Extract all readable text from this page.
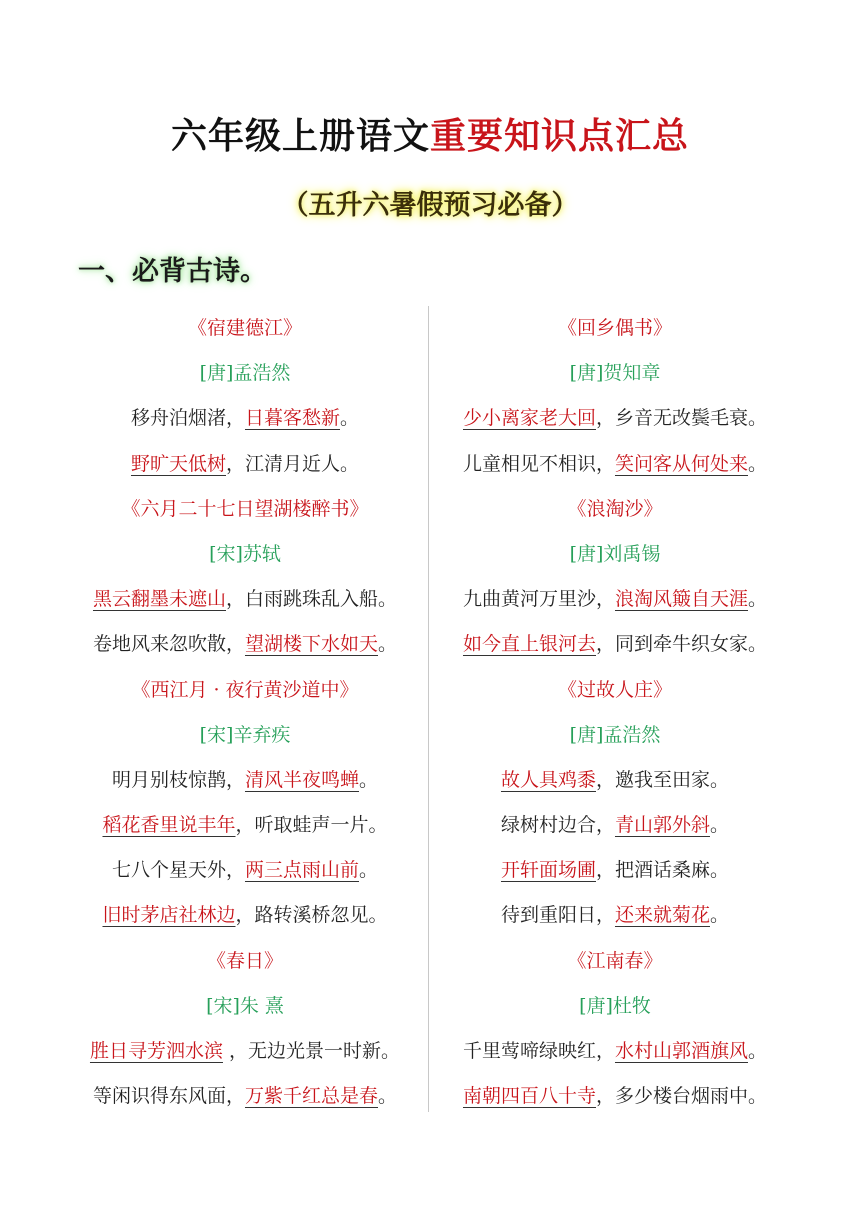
六年级上册语文重要知识点汇总
（五升六暑假预习必备）
一、必背古诗。
《宿建德江》
[唐]孟浩然
移舟泊烟渚，日暮客愁新。
野旷天低树，江清月近人。
《六月二十七日望湖楼醉书》
[宋]苏轼
黑云翻墨未遮山，白雨跳珠乱入船。
卷地风来忽吹散，望湖楼下水如天。
《西江月 · 夜行黄沙道中》
[宋]辛弃疾
明月别枝惊鹊，清风半夜鸣蝉。
稻花香里说丰年，听取蛙声一片。
七八个星天外，两三点雨山前。
旧时茅店社林边，路转溪桥忽见。
《春日》
[宋]朱 熹
胜日寻芳泗水滨 ，无边光景一时新。
等闲识得东风面，万紫千红总是春。
《回乡偶书》
[唐]贺知章
少小离家老大回，乡音无改鬓毛衰。
儿童相见不相识，笑问客从何处来。
《浪淘沙》
[唐]刘禹锡
九曲黄河万里沙，浪淘风簸自天涯。
如今直上银河去，同到牵牛织女家。
《过故人庄》
[唐]孟浩然
故人具鸡黍，邀我至田家。
绿树村边合，青山郭外斜。
开轩面场圃，把酒话桑麻。
待到重阳日，还来就菊花。
《江南春》
[唐]杜牧
千里莺啼绿映红，水村山郭酒旗风。
南朝四百八十寺，多少楼台烟雨中。
